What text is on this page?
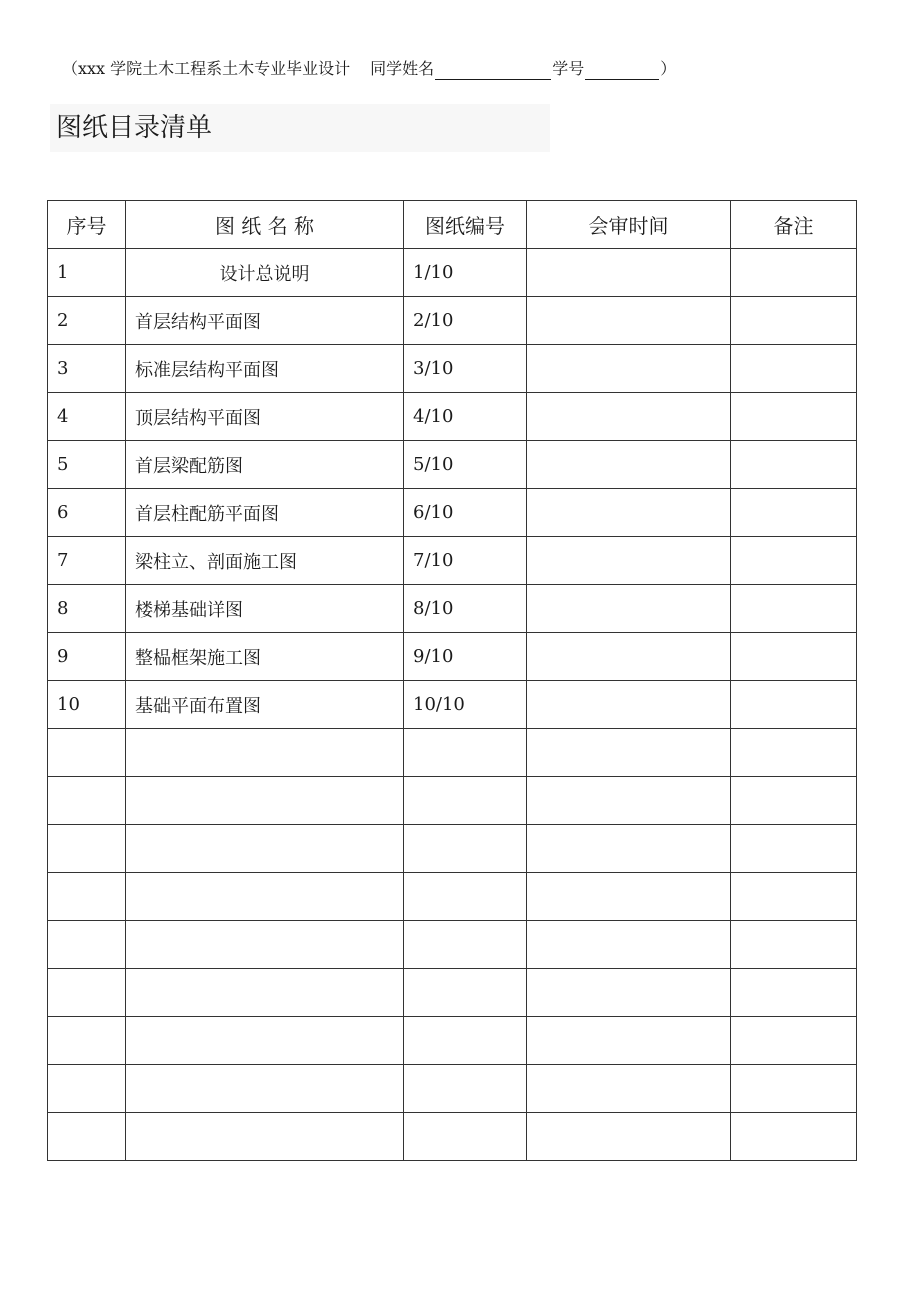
（xxx 学院土木工程系土木专业毕业设计 同学姓名	学号	）
图纸目录清单
序号	图 纸 名 称	图纸编号	会审时间	备注
1	设计总说明	1/10		
2	首层结构平面图	2/10		
3	标准层结构平面图	3/10		
4	顶层结构平面图	4/10		
5	首层梁配筋图	5/10		
6	首层柱配筋平面图	6/10		
7	梁柱立、剖面施工图	7/10		
8	楼梯基础详图	8/10		
9	整榀框架施工图	9/10		
10	基础平面布置图	10/10		
